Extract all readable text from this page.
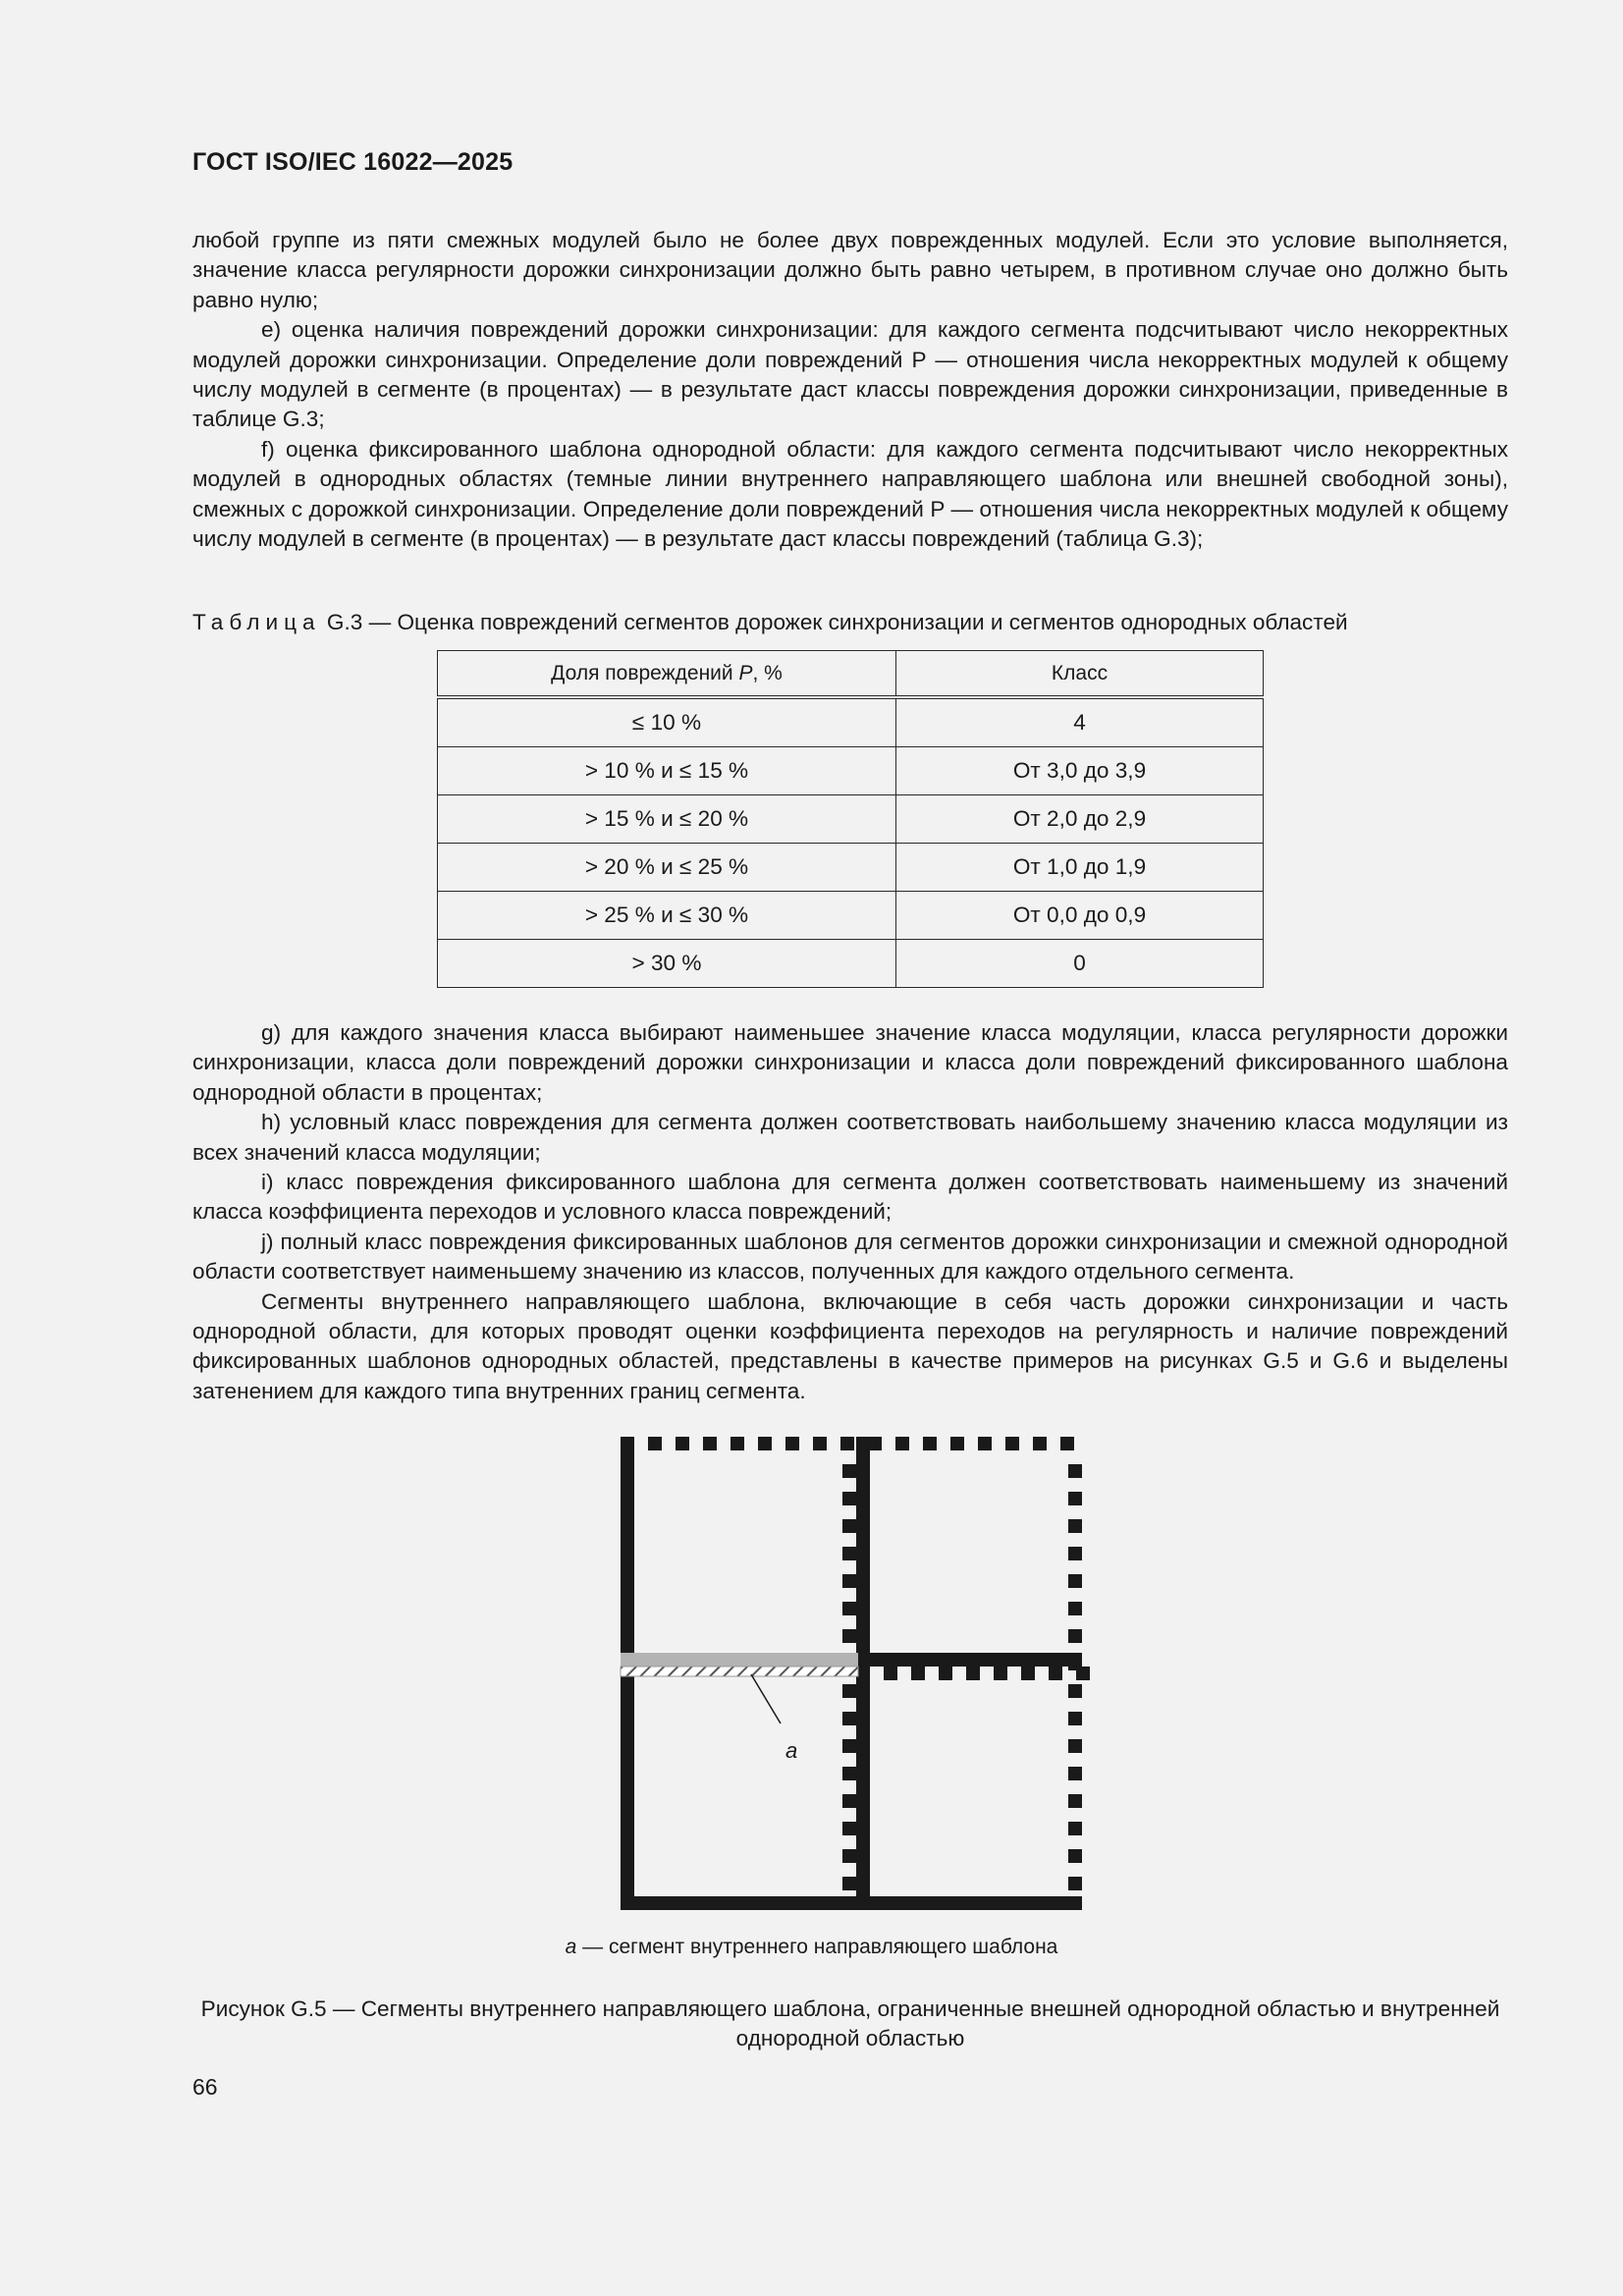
ГОСТ ISO/IEC 16022—2025

любой группе из пяти смежных модулей было не более двух поврежденных модулей. Если это условие выполняется, значение класса регулярности дорожки синхронизации должно быть равно четырем, в противном случае оно должно быть равно нулю;

e) оценка наличия повреждений дорожки синхронизации: для каждого сегмента подсчитывают число некорректных модулей дорожки синхронизации. Определение доли повреждений P — отношения числа некорректных модулей к общему числу модулей в сегменте (в процентах) — в результате даст классы повреждения дорожки синхронизации, приведенные в таблице G.3;

f) оценка фиксированного шаблона однородной области: для каждого сегмента подсчитывают число некорректных модулей в однородных областях (темные линии внутреннего направляющего шаблона или внешней свободной зоны), смежных с дорожкой синхронизации. Определение доли повреждений P — отношения числа некорректных модулей к общему числу модулей в сегменте (в процентах) — в результате даст классы повреждений (таблица G.3);

Таблица G.3 — Оценка повреждений сегментов дорожек синхронизации и сегментов однородных областей
Доля повреждений P, %	Класс
≤ 10 %	4
> 10 % и ≤ 15 %	От 3,0 до 3,9
> 15 % и ≤ 20 %	От 2,0 до 2,9
> 20 % и ≤ 25 %	От 1,0 до 1,9
> 25 % и ≤ 30 %	От 0,0 до 0,9
> 30 %	0

g) для каждого значения класса выбирают наименьшее значение класса модуляции, класса регулярности дорожки синхронизации, класса доли повреждений дорожки синхронизации и класса доли повреждений фиксированного шаблона однородной области в процентах;

h) условный класс повреждения для сегмента должен соответствовать наибольшему значению класса модуляции из всех значений класса модуляции;

i) класс повреждения фиксированного шаблона для сегмента должен соответствовать наименьшему из значений класса коэффициента переходов и условного класса повреждений;

j) полный класс повреждения фиксированных шаблонов для сегментов дорожки синхронизации и смежной однородной области соответствует наименьшему значению из классов, полученных для каждого отдельного сегмента.

Сегменты внутреннего направляющего шаблона, включающие в себя часть дорожки синхронизации и часть однородной области, для которых проводят оценки коэффициента переходов на регулярность и наличие повреждений фиксированных шаблонов однородных областей, представлены в качестве примеров на рисунках G.5 и G.6 и выделены затенением для каждого типа внутренних границ сегмента.

a
a — сегмент внутреннего направляющего шаблона
Рисунок G.5 — Сегменты внутреннего направляющего шаблона, ограниченные внешней однородной областью и внутренней однородной областью
66
